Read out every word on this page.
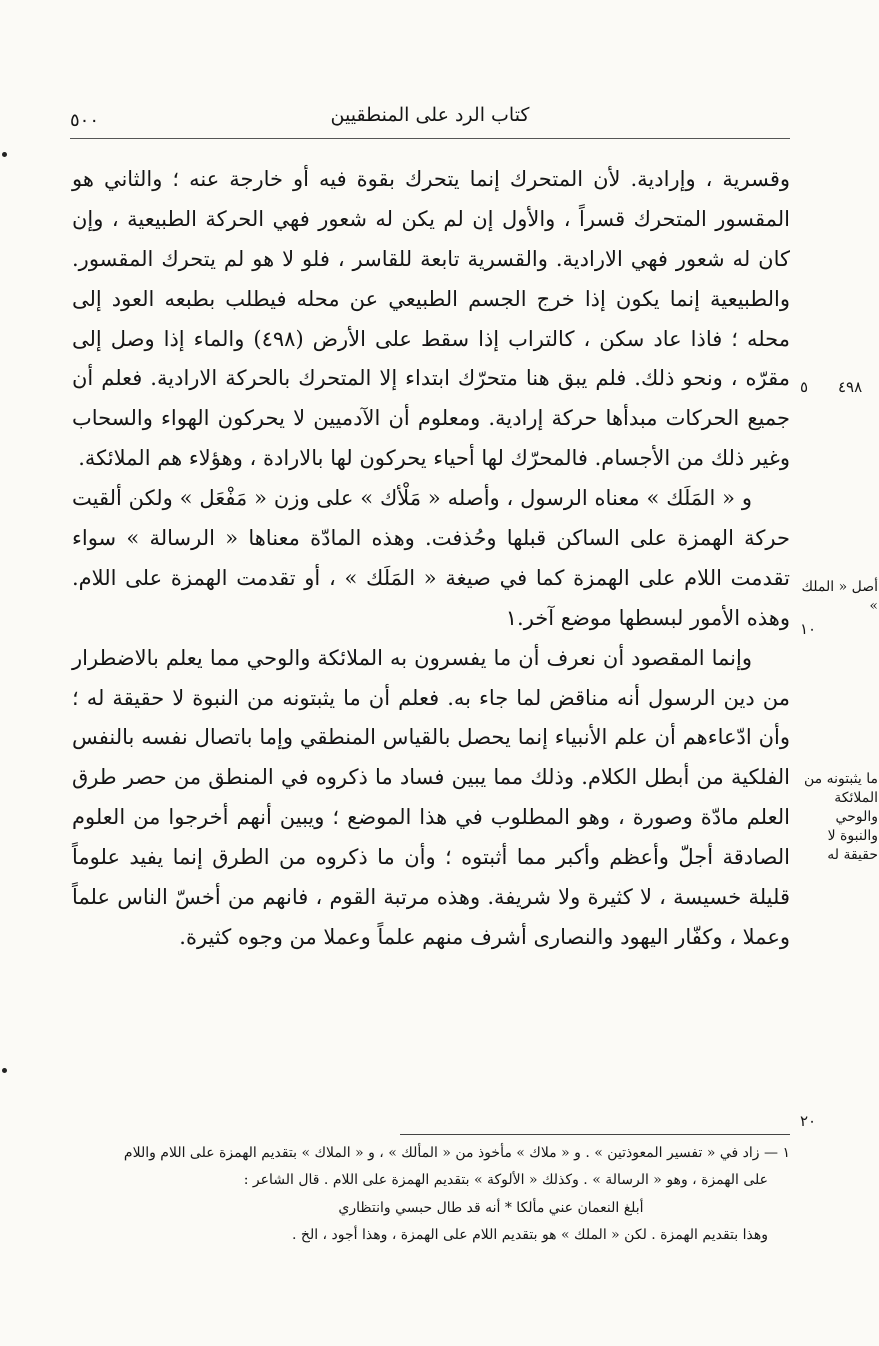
كتاب الرد على المنطقيين
٥٠٠

وقسرية ، وإرادية. لأن المتحرك إنما يتحرك بقوة فيه أو خارجة عنه ؛ والثاني هو المقسور المتحرك قسراً ، والأول إن لم يكن له شعور فهي الحركة الطبيعية ، وإن كان له شعور فهي الارادية. والقسرية تابعة للقاسر ، فلو لا هو لم يتحرك المقسور. والطبيعية إنما يكون إذا خرج الجسم الطبيعي عن محله فيطلب بطبعه العود إلى محله ؛ فاذا عاد سكن ، كالتراب إذا سقط على الأرض (٤٩٨) والماء إذا وصل إلى مقرّه ، ونحو ذلك. فلم يبق هنا متحرّك ابتداء إلا المتحرك بالحركة الارادية. فعلم أن جميع الحركات مبدأها حركة إرادية. ومعلوم أن الآدميين لا يحركون الهواء والسحاب وغير ذلك من الأجسام. فالمحرّك لها أحياء يحركون لها بالارادة ، وهؤلاء هم الملائكة.

و « المَلَك » معناه الرسول ، وأصله « مَلْأك » على وزن « مَفْعَل » ولكن ألقيت حركة الهمزة على الساكن قبلها وحُذفت. وهذه المادّة معناها « الرسالة » سواء تقدمت اللام على الهمزة كما في صيغة « المَلَك » ، أو تقدمت الهمزة على اللام. وهذه الأمور لبسطها موضع آخر.١

وإنما المقصود أن نعرف أن ما يفسرون به الملائكة والوحي مما يعلم بالاضطرار من دين الرسول أنه مناقض لما جاء به. فعلم أن ما يثبتونه من النبوة لا حقيقة له ؛ وأن ادّعاءهم أن علم الأنبياء إنما يحصل بالقياس المنطقي وإما باتصال نفسه بالنفس الفلكية من أبطل الكلام. وذلك مما يبين فساد ما ذكروه في المنطق من حصر طرق العلم مادّة وصورة ، وهو المطلوب في هذا الموضع ؛ ويبين أنهم أخرجوا من العلوم الصادقة أجلّ وأعظم وأكبر مما أثبتوه ؛ وأن ما ذكروه من الطرق إنما يفيد علوماً قليلة خسيسة ، لا كثيرة ولا شريفة. وهذه مرتبة القوم ، فانهم من أخسّ الناس علماً وعملا ، وكفّار اليهود والنصارى أشرف منهم علماً وعملا من وجوه كثيرة.

٥ ٤٩٨
١٠
٢٠
أصل « الملك »
ما يثبتونه من الملائكة والوحي والنبوة لا حقيقة له

١ — زاد في « تفسير المعوذتين » . و « ملاك » مأخوذ من « المألك » ، و « الملاك » بتقديم الهمزة على اللام واللام

على الهمزة ، وهو « الرسالة » . وكذلك « الألوكة » بتقديم الهمزة على اللام . قال الشاعر :

أبلغ النعمان عني مألكا * أنه قد طال حبسي وانتظاري

وهذا بتقديم الهمزة . لكن « الملك » هو بتقديم اللام على الهمزة ، وهذا أجود ، الخ .
